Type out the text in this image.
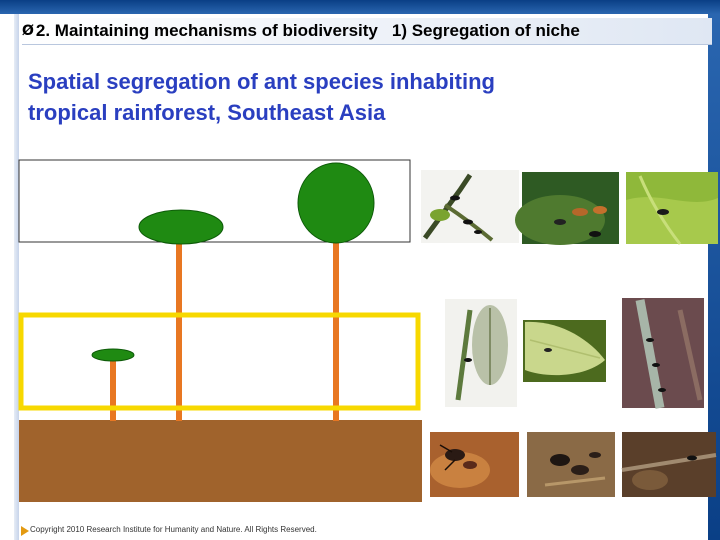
Ø 2. Maintaining mechanisms of biodiversity 1) Segregation of niche
Spatial segregation of ant species inhabiting
tropical rainforest, Southeast Asia
Copyright 2010 Research Institute for Humanity and Nature. All Rights Reserved.
